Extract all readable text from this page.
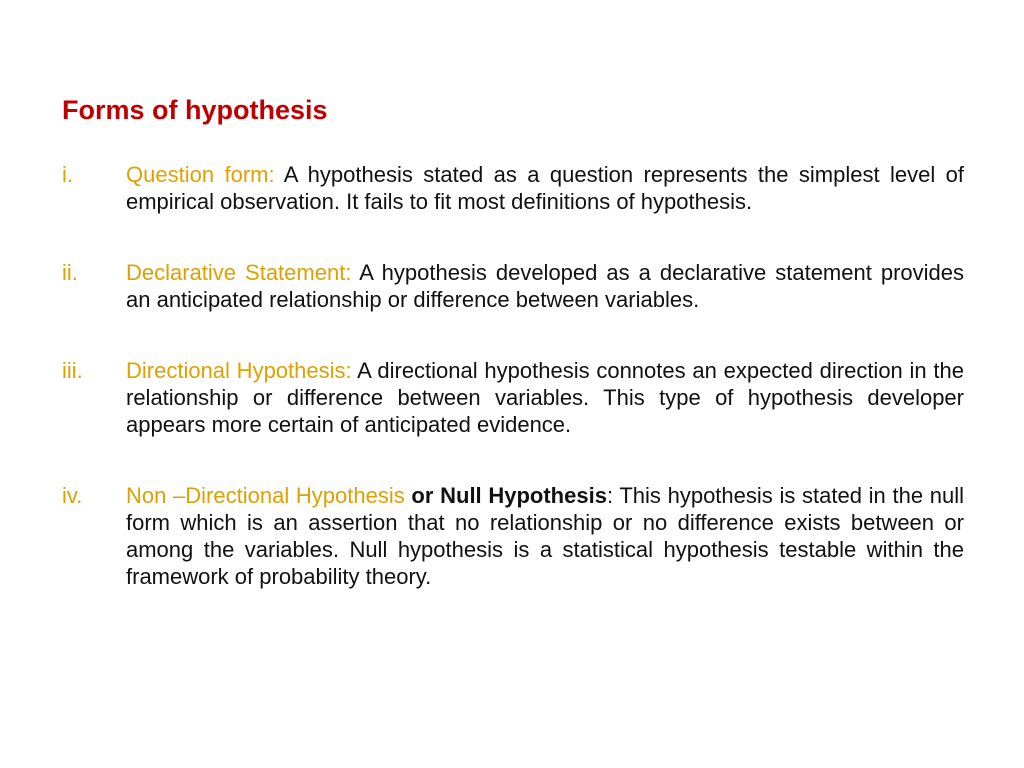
Forms of hypothesis
i.	Question form: A hypothesis stated as a question represents the simplest level of empirical observation. It fails to fit most definitions of hypothesis.
ii.	Declarative Statement: A hypothesis developed as a declarative statement provides an anticipated relationship or difference between variables.
iii.	Directional Hypothesis: A directional hypothesis connotes an expected direction in the relationship or difference between variables. This type of hypothesis developer appears more certain of anticipated evidence.
iv.	Non –Directional Hypothesis or Null Hypothesis: This hypothesis is stated in the null form which is an assertion that no relationship or no difference exists between or among the variables. Null hypothesis is a statistical hypothesis testable within the framework of probability theory.
